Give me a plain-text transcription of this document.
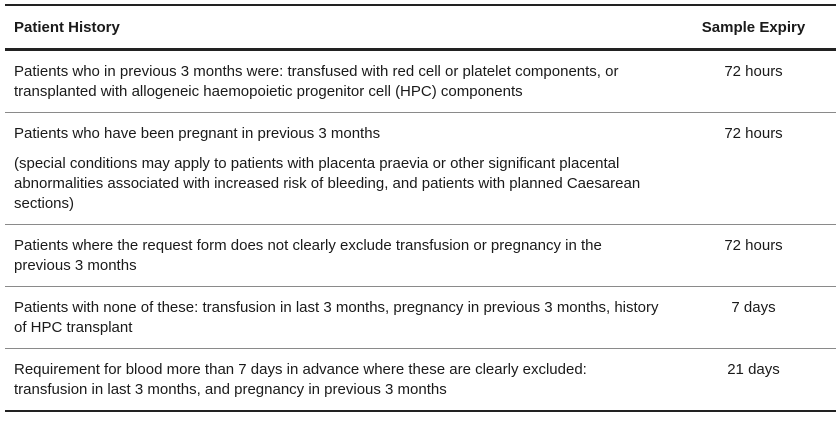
Patient History	Sample Expiry

Patients who in previous 3 months were: transfused with red cell or platelet components, or transplanted with allogeneic haemopoietic progenitor cell (HPC) components	72 hours

Patients who have been pregnant in previous 3 months

(special conditions may apply to patients with placenta praevia or other significant placental abnormalities associated with increased risk of bleeding, and patients with planned Caesarean sections)	72 hours

Patients where the request form does not clearly exclude transfusion or pregnancy in the previous 3 months	72 hours

Patients with none of these: transfusion in last 3 months, pregnancy in previous 3 months, history of HPC transplant	7 days

Requirement for blood more than 7 days in advance where these are clearly excluded: transfusion in last 3 months, and pregnancy in previous 3 months	21 days
